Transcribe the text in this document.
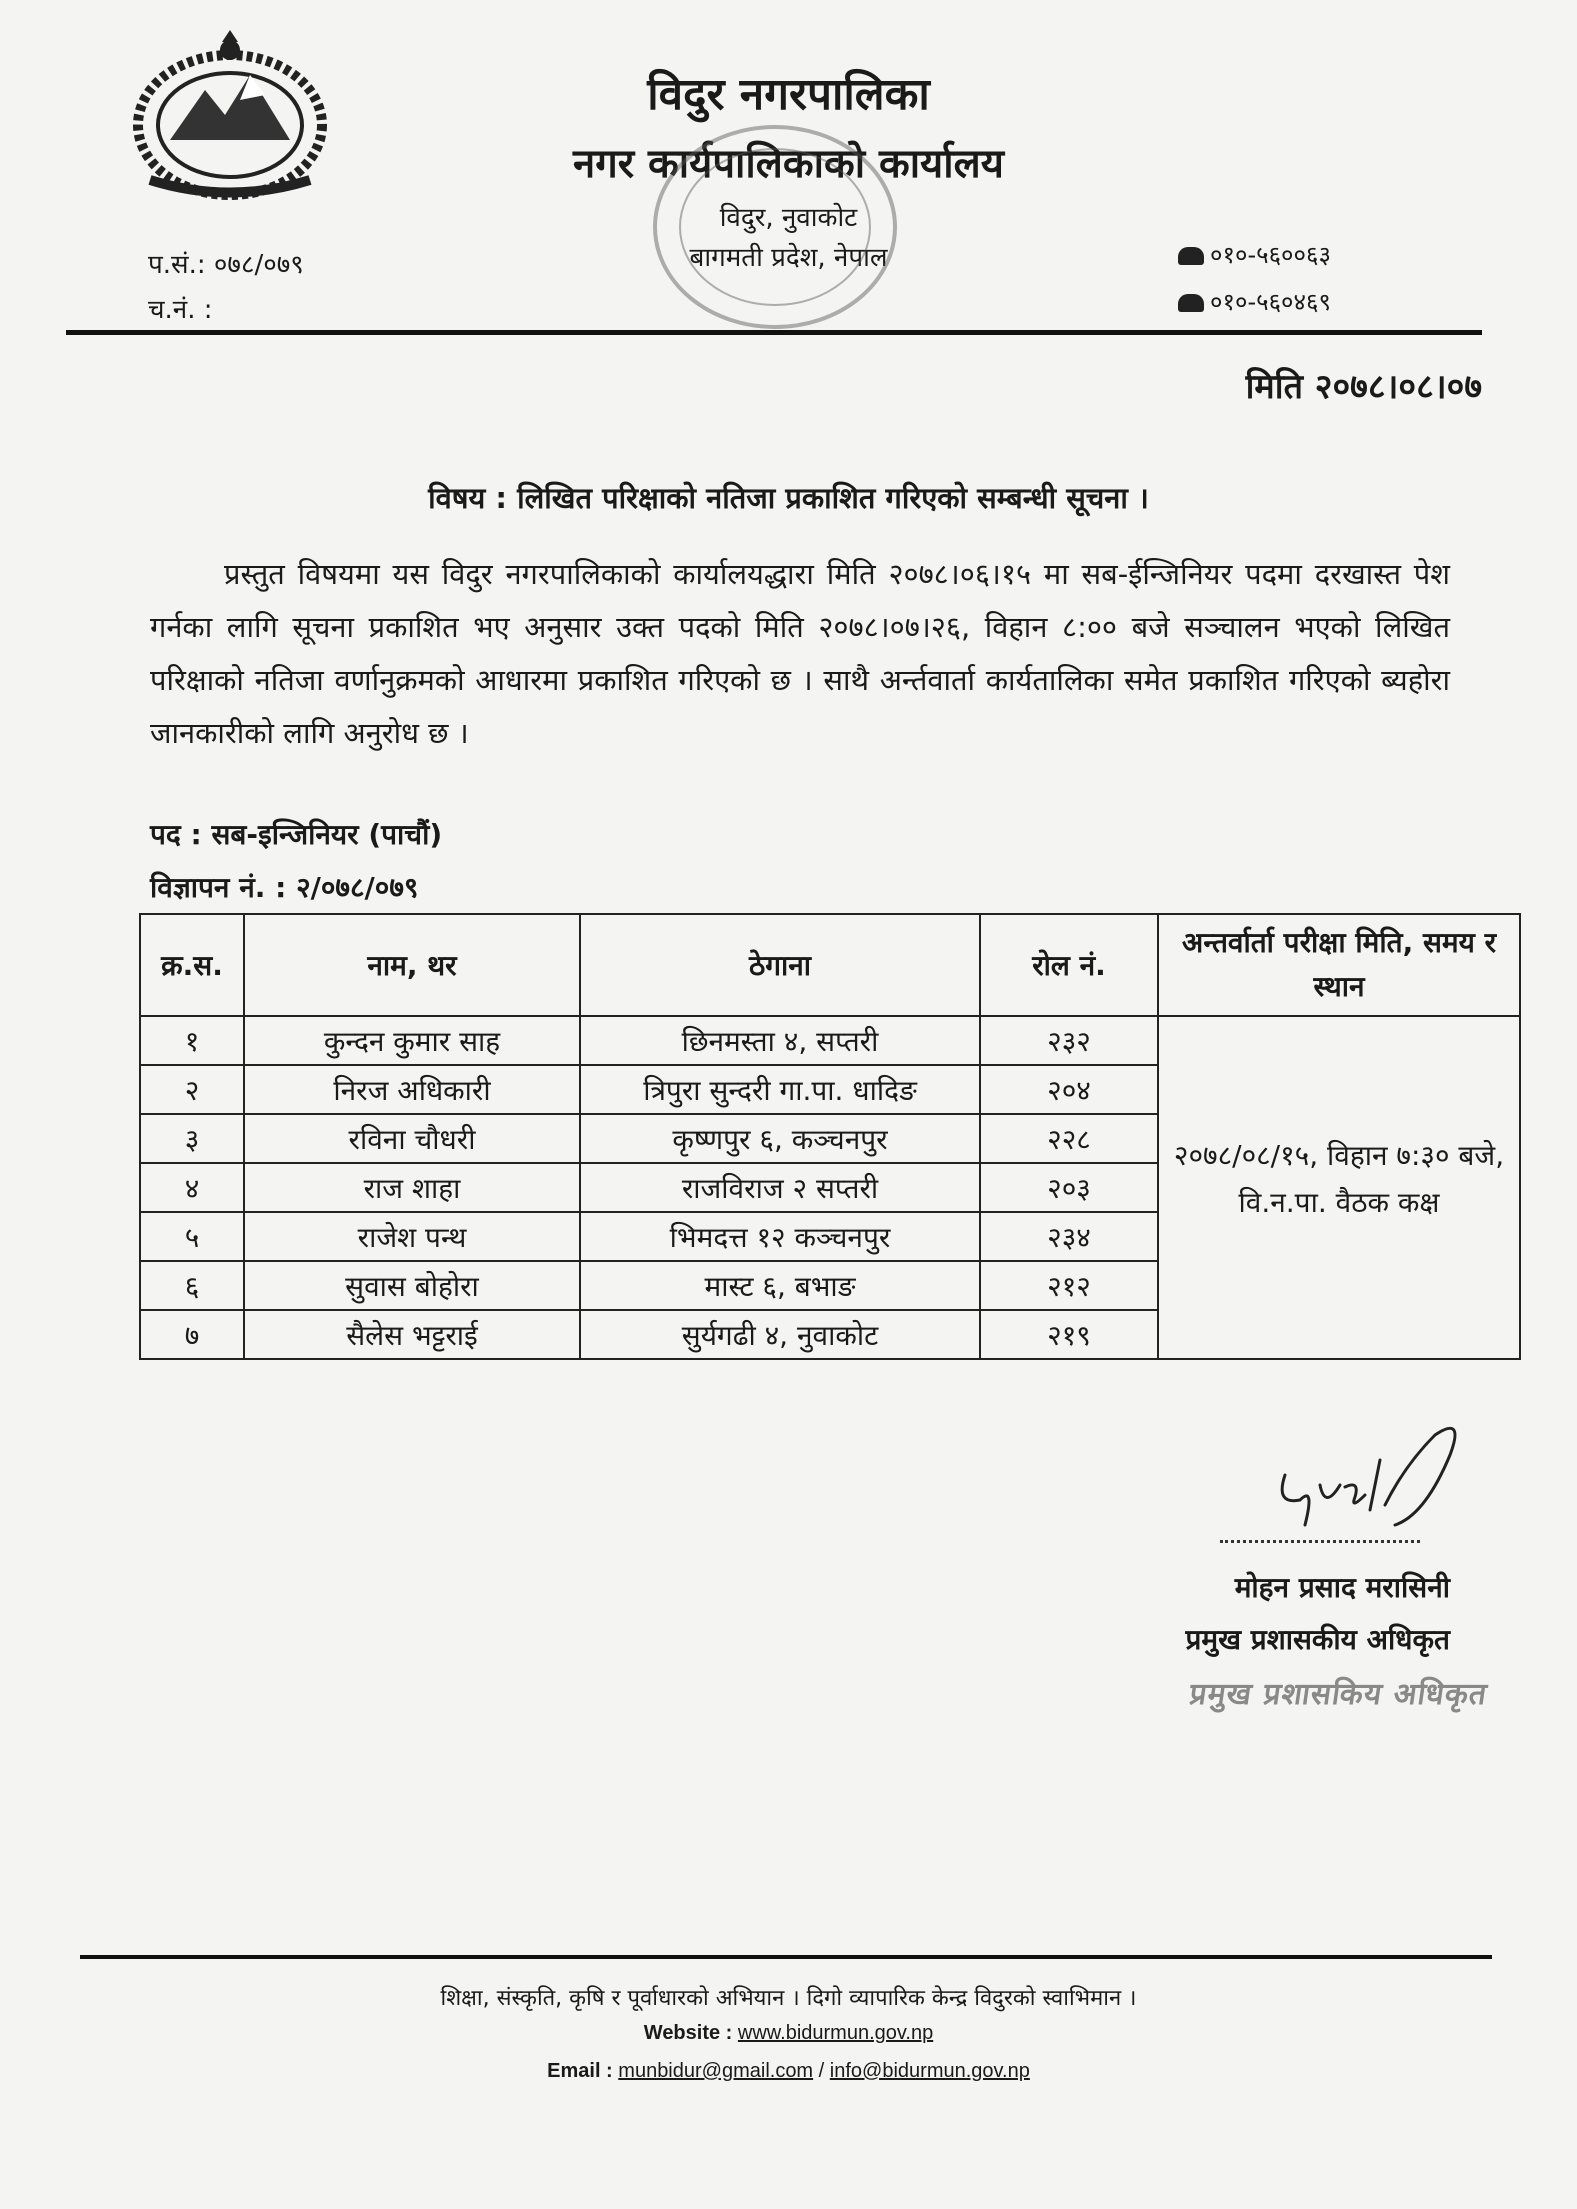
विदुर नगरपालिका
नगर कार्यपालिकाको कार्यालय
विदुर, नुवाकोट
बागमती प्रदेश, नेपाल
प.सं.: ०७८/०७९
च.नं. :
०१०-५६००६३
०१०-५६०४६९
मिति २०७८।०८।०७
विषय : लिखित परिक्षाको नतिजा प्रकाशित गरिएको सम्बन्धी सूचना ।
प्रस्तुत विषयमा यस विदुर नगरपालिकाको कार्यालयद्धारा मिति २०७८।०६।१५ मा सब-ईन्जिनियर पदमा दरखास्त पेश गर्नका लागि सूचना प्रकाशित भए अनुसार उक्त पदको मिति २०७८।०७।२६, विहान ८:०० बजे सञ्चालन भएको लिखित परिक्षाको नतिजा वर्णानुक्रमको आधारमा प्रकाशित गरिएको छ । साथै अर्न्तवार्ता कार्यतालिका समेत प्रकाशित गरिएको ब्यहोरा जानकारीको लागि अनुरोध छ ।
पद : सब-इन्जिनियर (पाचौं)
विज्ञापन नं. : २/०७८/०७९
क्र.स.	नाम, थर	ठेगाना	रोल नं.	अन्तर्वार्ता परीक्षा मिति, समय र स्थान
१	कुन्दन कुमार साह	छिनमस्ता ४, सप्तरी	२३२	२०७८/०८/१५, विहान ७:३० बजे, वि.न.पा. वैठक कक्ष
२	निरज अधिकारी	त्रिपुरा सुन्दरी गा.पा. धादिङ	२०४	
३	रविना चौधरी	कृष्णपुर ६, कञ्चनपुर	२२८	
४	राज शाहा	राजविराज २ सप्तरी	२०३	
५	राजेश पन्थ	भिमदत्त १२ कञ्चनपुर	२३४	
६	सुवास बोहोरा	मास्ट ६, बभाङ	२१२	
७	सैलेस भट्टराई	सुर्यगढी ४, नुवाकोट	२१९	
मोहन प्रसाद मरासिनी
प्रमुख प्रशासकीय अधिकृत
प्रमुख प्रशासकिय अधिकृत
शिक्षा, संस्कृति, कृषि र पूर्वाधारको अभियान । दिगो व्यापारिक केन्द्र विदुरको स्वाभिमान ।
Website : www.bidurmun.gov.np
Email : munbidur@gmail.com / info@bidurmun.gov.np
